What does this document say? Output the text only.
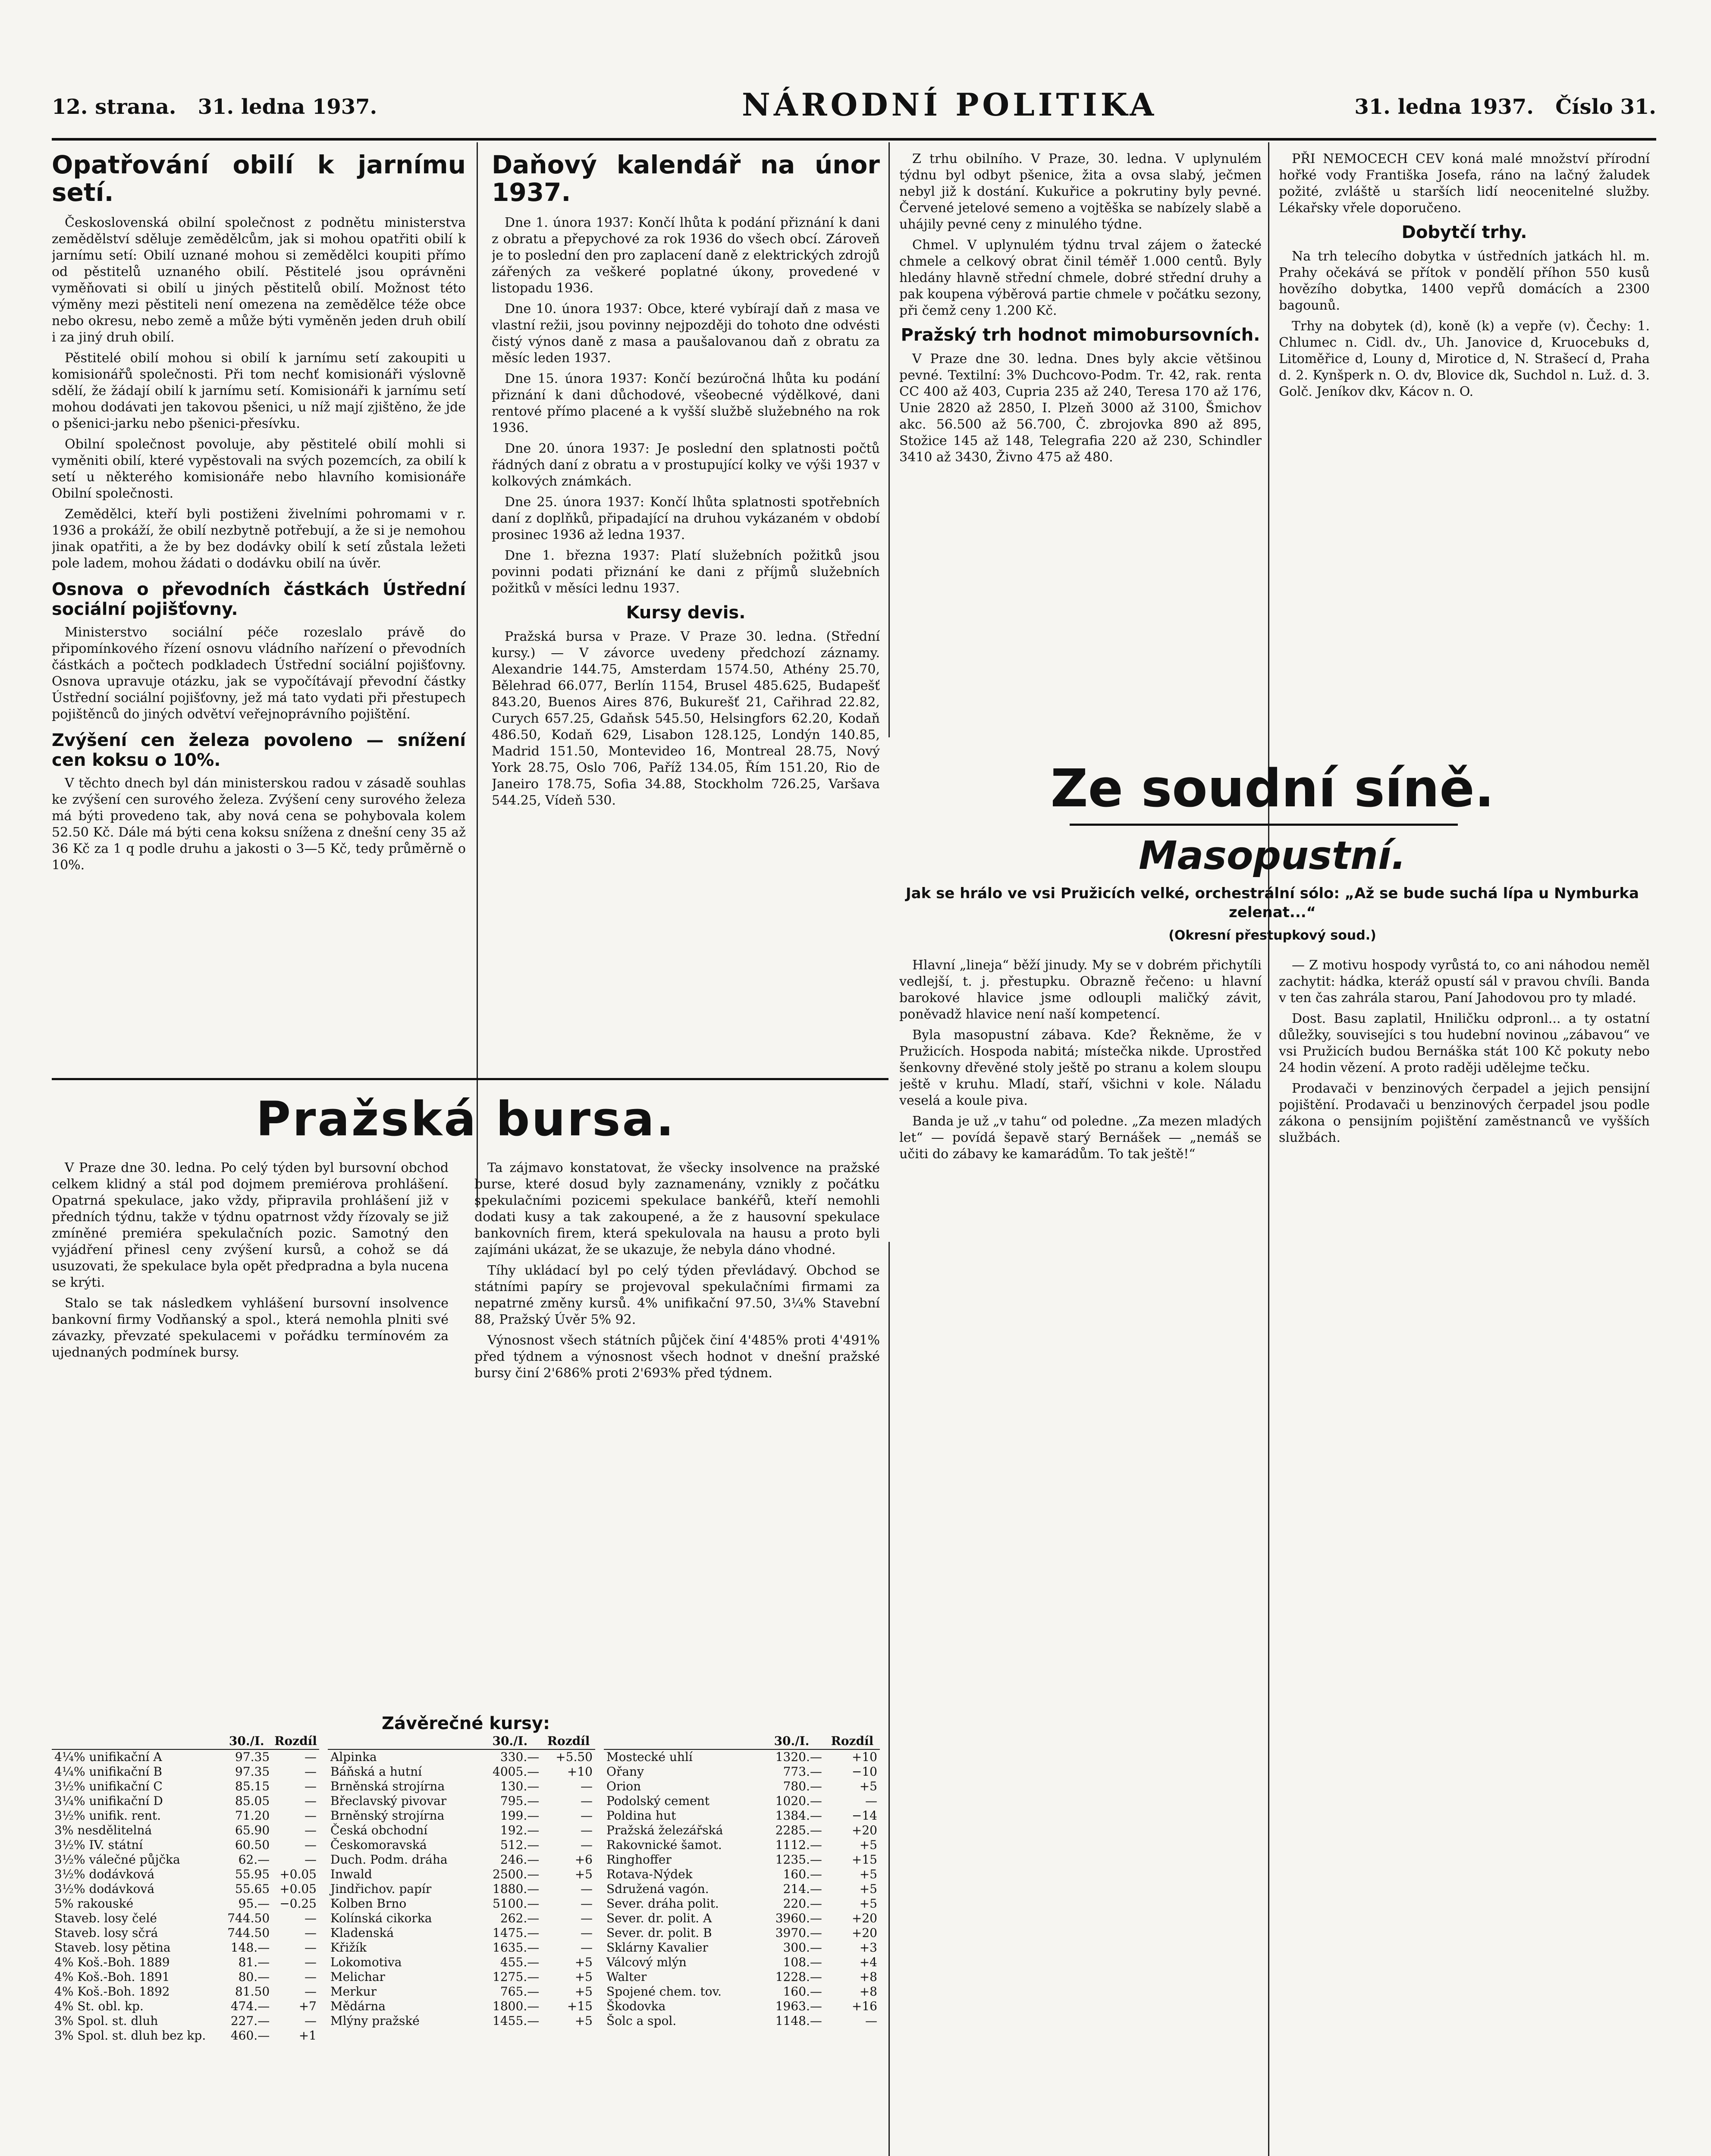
12. strana. 31. ledna 1937.	NÁRODNÍ POLITIKA	31. ledna 1937. Číslo 31.
Opatřování obilí k jarnímu setí.

Československá obilní společnost z podnětu ministerstva zemědělství sděluje zemědělcům, jak si mohou opatřiti obilí k jarnímu setí: Obilí uznané mohou si zemědělci koupiti přímo od pěstitelů uznaného obilí. Pěstitelé jsou oprávněni vyměňovati si obilí u jiných pěstitelů obilí. Možnost této výměny mezi pěstiteli není omezena na zemědělce téže obce nebo okresu, nebo země a může býti vyměněn jeden druh obilí i za jiný druh obilí.

Pěstitelé obilí mohou si obilí k jarnímu setí zakoupiti u komisionářů společnosti. Při tom nechť komisionáři výslovně sdělí, že žádají obilí k jarnímu setí. Komisionáři k jarnímu setí mohou dodávati jen takovou pšenici, u níž mají zjištěno, že jde o pšenici-jarku nebo pšenici-přesívku.

Obilní společnost povoluje, aby pěstitelé obilí mohli si vyměniti obilí, které vypěstovali na svých pozemcích, za obilí k setí u některého komisionáře nebo hlavního komisionáře Obilní společnosti.

Zemědělci, kteří byli postiženi živelními pohromami v r. 1936 a prokáží, že obilí nezbytně potřebují, a že si je nemohou jinak opatřiti, a že by bez dodávky obilí k setí zůstala ležeti pole ladem, mohou žádati o dodávku obilí na úvěr.

Osnova o převodních částkách Ústřední sociální pojišťovny.

Ministerstvo sociální péče rozeslalo právě do připomínkového řízení osnovu vládního nařízení o převodních částkách a počtech podkladech Ústřední sociální pojišťovny. Osnova upravuje otázku, jak se vypočítávají převodní částky Ústřední sociální pojišťovny, jež má tato vydati při přestupech pojištěnců do jiných odvětví veřejnoprávního pojištění.

Zvýšení cen železa povoleno — snížení cen koksu o 10%.

V těchto dnech byl dán ministerskou radou v zásadě souhlas ke zvýšení cen surového železa. Zvýšení ceny surového železa má býti provedeno tak, aby nová cena se pohybovala kolem 52.50 Kč. Dále má býti cena koksu snížena z dnešní ceny 35 až 36 Kč za 1 q podle druhu a jakosti o 3—5 Kč, tedy průměrně o 10%.

Daňový kalendář na únor 1937.

Dne 1. února 1937: Končí lhůta k podání přiznání k dani z obratu a přepychové za rok 1936 do všech obcí. Zároveň je to poslední den pro zaplacení daně z elektrických zdrojů zářených za veškeré poplatné úkony, provedené v listopadu 1936.

Dne 10. února 1937: Obce, které vybírají daň z masa ve vlastní režii, jsou povinny nejpozději do tohoto dne odvésti čistý výnos daně z masa a paušalovanou daň z obratu za měsíc leden 1937.

Dne 15. února 1937: Končí bezúročná lhůta ku podání přiznání k dani důchodové, všeobecné výdělkové, dani rentové přímo placené a k vyšší službě služebného na rok 1936.

Dne 20. února 1937: Je poslední den splatnosti počtů řádných daní z obratu a v prostupující kolky ve výši 1937 v kolkových známkách.

Dne 25. února 1937: Končí lhůta splatnosti spotřebních daní z doplňků, připadající na druhou vykázaném v období prosinec 1936 až ledna 1937.

Dne 1. března 1937: Platí služebních požitků jsou povinni podati přiznání ke dani z příjmů služebních požitků v měsíci lednu 1937.

Kursy devis.

Pražská bursa v Praze. V Praze 30. ledna. (Střední kursy.) — V závorce uvedeny předchozí záznamy. Alexandrie 144.75, Amsterdam 1574.50, Athény 25.70, Bělehrad 66.077, Berlín 1154, Brusel 485.625, Budapešť 843.20, Buenos Aires 876, Bukurešť 21, Cařihrad 22.82, Curych 657.25, Gdaňsk 545.50, Helsingfors 62.20, Kodaň 486.50, Kodaň 629, Lisabon 128.125, Londýn 140.85, Madrid 151.50, Montevideo 16, Montreal 28.75, Nový York 28.75, Oslo 706, Paříž 134.05, Řím 151.20, Rio de Janeiro 178.75, Sofia 34.88, Stockholm 726.25, Varšava 544.25, Vídeň 530.

Z trhu obilního. V Praze, 30. ledna. V uplynulém týdnu byl odbyt pšenice, žita a ovsa slabý, ječmen nebyl již k dostání. Kukuřice a pokrutiny byly pevné. Červené jetelové semeno a vojtěška se nabízely slabě a uhájily pevné ceny z minulého týdne.

Chmel. V uplynulém týdnu trval zájem o žatecké chmele a celkový obrat činil téměř 1.000 centů. Byly hledány hlavně střední chmele, dobré střední druhy a pak koupena výběrová partie chmele v počátku sezony, při čemž ceny 1.200 Kč.

Pražský trh hodnot mimobursovních.

V Praze dne 30. ledna. Dnes byly akcie většinou pevné. Textilní: 3% Duchcovo-Podm. Tr. 42, rak. renta CC 400 až 403, Cupria 235 až 240, Teresa 170 až 176, Unie 2820 až 2850, I. Plzeň 3000 až 3100, Šmichov akc. 56.500 až 56.700, Č. zbrojovka 890 až 895, Stožice 145 až 148, Telegrafia 220 až 230, Schindler 3410 až 3430, Živno 475 až 480.

Ze soudní síně.
Masopustní.
Jak se hrálo ve vsi Pružicích velké, orchestrální sólo: „Až se bude suchá lípa u Nymburka zelenat...“
(Okresní přestupkový soud.)

Hlavní „lineja“ běží jinudy. My se v dobrém přichytíli vedlejší, t. j. přestupku. Obrazně řečeno: u hlavní barokové hlavice jsme odloupli maličký závit, poněvadž hlavice není naší kompetencí.

Byla masopustní zábava. Kde? Řekněme, že v Pružicích. Hospoda nabitá; místečka nikde. Uprostřed šenkovny dřevěné stoly ještě po stranu a kolem sloupu ještě v kruhu. Mladí, staří, všichni v kole. Náladu veselá a koule piva.

Banda je už „v tahu“ od poledne. „Za mezen mladých let“ — povídá šepavě starý Bernášek — „nemáš se učiti do zábavy ke kamarádům. To tak ještě!“

PŘI NEMOCECH CEV koná malé množství přírodní hořké vody Františka Josefa, ráno na lačný žaludek požité, zvláště u starších lidí neocenitelné služby. Lékařsky vřele doporučeno.

Dobytčí trhy.

Na trh telecího dobytka v ústředních jatkách hl. m. Prahy očekává se přítok v pondělí příhon 550 kusů hovězího dobytka, 1400 vepřů domácích a 2300 bagounů.

Trhy na dobytek (d), koně (k) a vepře (v). Čechy: 1. Chlumec n. Cidl. dv., Uh. Janovice d, Kruocebuks d, Litoměřice d, Louny d, Mirotice d, N. Strašecí d, Praha d. 2. Kynšperk n. O. dv, Blovice dk, Suchdol n. Luž. d. 3. Golč. Jeníkov dkv, Kácov n. O.

— Z motivu hospody vyrůstá to, co ani náhodou neměl zachytit: hádka, kteráž opustí sál v pravou chvíli. Banda v ten čas zahrála starou, Paní Jahodovou pro ty mladé.

Dost. Basu zaplatil, Hniličku odpronl... a ty ostatní důležky, souvisejíci s tou hudební novinou „zábavou“ ve vsi Pružicích budou Bernáška stát 100 Kč pokuty nebo 24 hodin vězení. A proto raději udělejme tečku.

Prodavači v benzinových čerpadel a jejich pensijní pojištění. Prodavači u benzinových čerpadel jsou podle zákona o pensijním pojištění zaměstnanců ve vyšších službách.

Pražská bursa.

V Praze dne 30. ledna. Po celý týden byl bursovní obchod celkem klidný a stál pod dojmem premiérova prohlášení. Opatrná spekulace, jako vždy, připravila prohlášení již v předních týdnu, takže v týdnu opatrnost vždy řízovaly se již zmíněné premiéra spekulačních pozic. Samotný den vyjádření přinesl ceny zvýšení kursů, a cohož se dá usuzovati, že spekulace byla opět předpradna a byla nucena se krýti.

Stalo se tak následkem vyhlášení bursovní insolvence bankovní firmy Vodňanský a spol., která nemohla plniti své závazky, převzaté spekulacemi v pořádku termínovém za ujednaných podmínek bursy.

Ta zájmavo konstatovat, že všecky insolvence na pražské burse, které dosud byly zaznamenány, vznikly z počátku spekulačními pozicemi spekulace bankéřů, kteří nemohli dodati kusy a tak zakoupené, a že z hausovní spekulace bankovních firem, která spekulovala na hausu a proto byli zajímáni ukázat, že se ukazuje, že nebyla dáno vhodné.

Tíhy ukládací byl po celý týden převládavý. Obchod se státními papíry se projevoval spekulačními firmami za nepatrné změny kursů. 4% unifikační 97.50, 3¼% Stavební 88, Pražský Úvěr 5% 92.

Výnosnost všech státních půjček činí 4'485% proti 4'491% před týdnem a výnosnost všech hodnot v dnešní pražské bursy činí 2'686% proti 2'693% před týdnem.

Závěrečné kursy:
	30./I.	Rozdíl
4¼% unifikační A	97.35	—
4¼% unifikační B	97.35	—
3½% unifikační C	85.15	—
3¼% unifikační D	85.05	—
3½% unifik. rent.	71.20	—
3% nesdělitelná	65.90	—
3½% IV. státní	60.50	—
3½% válečné půjčka	62.—	—
3½% dodávková	55.95	+0.05
3½% dodávková	55.65	+0.05
5% rakouské	95.—	−0.25
Staveb. losy čelé	744.50	—
Staveb. losy sčrá	744.50	—
Staveb. losy pětina	148.—	—
4% Koš.-Boh. 1889	81.—	—
4% Koš.-Boh. 1891	80.—	—
4% Koš.-Boh. 1892	81.50	—
4% St. obl. kp.	474.—	+7
3% Spol. st. dluh	227.—	—
3% Spol. st. dluh bez kp.	460.—	+1
	30./I.	Rozdíl
Alpinka	330.—	+5.50
Báňská a hutní	4005.—	+10
Brněnská strojírna	130.—	—
Břeclavský pivovar	795.—	—
Brněnský strojírna	199.—	—
Česká obchodní	192.—	—
Českomoravská	512.—	—
Duch. Podm. dráha	246.—	+6
Inwald	2500.—	+5
Jindřichov. papír	1880.—	—
Kolben Brno	5100.—	—
Kolínská cikorka	262.—	—
Kladenská	1475.—	—
Křižík	1635.—	—
Lokomotiva	455.—	+5
Melichar	1275.—	+5
Merkur	765.—	+5
Mědárna	1800.—	+15
Mlýny pražské	1455.—	+5
	30./I.	Rozdíl
Mostecké uhlí	1320.—	+10
Ořany	773.—	−10
Orion	780.—	+5
Podolský cement	1020.—	—
Poldina hut	1384.—	−14
Pražská železářská	2285.—	+20
Rakovnické šamot.	1112.—	+5
Ringhoffer	1235.—	+15
Rotava-Nýdek	160.—	+5
Sdružená vagón.	214.—	+5
Sever. dráha polit.	220.—	+5
Sever. dr. polit. A	3960.—	+20
Sever. dr. polit. B	3970.—	+20
Sklárny Kavalier	300.—	+3
Válcový mlýn	108.—	+4
Walter	1228.—	+8
Spojené chem. tov.	160.—	+8
Škodovka	1963.—	+16
Šolc a spol.	1148.—	—
